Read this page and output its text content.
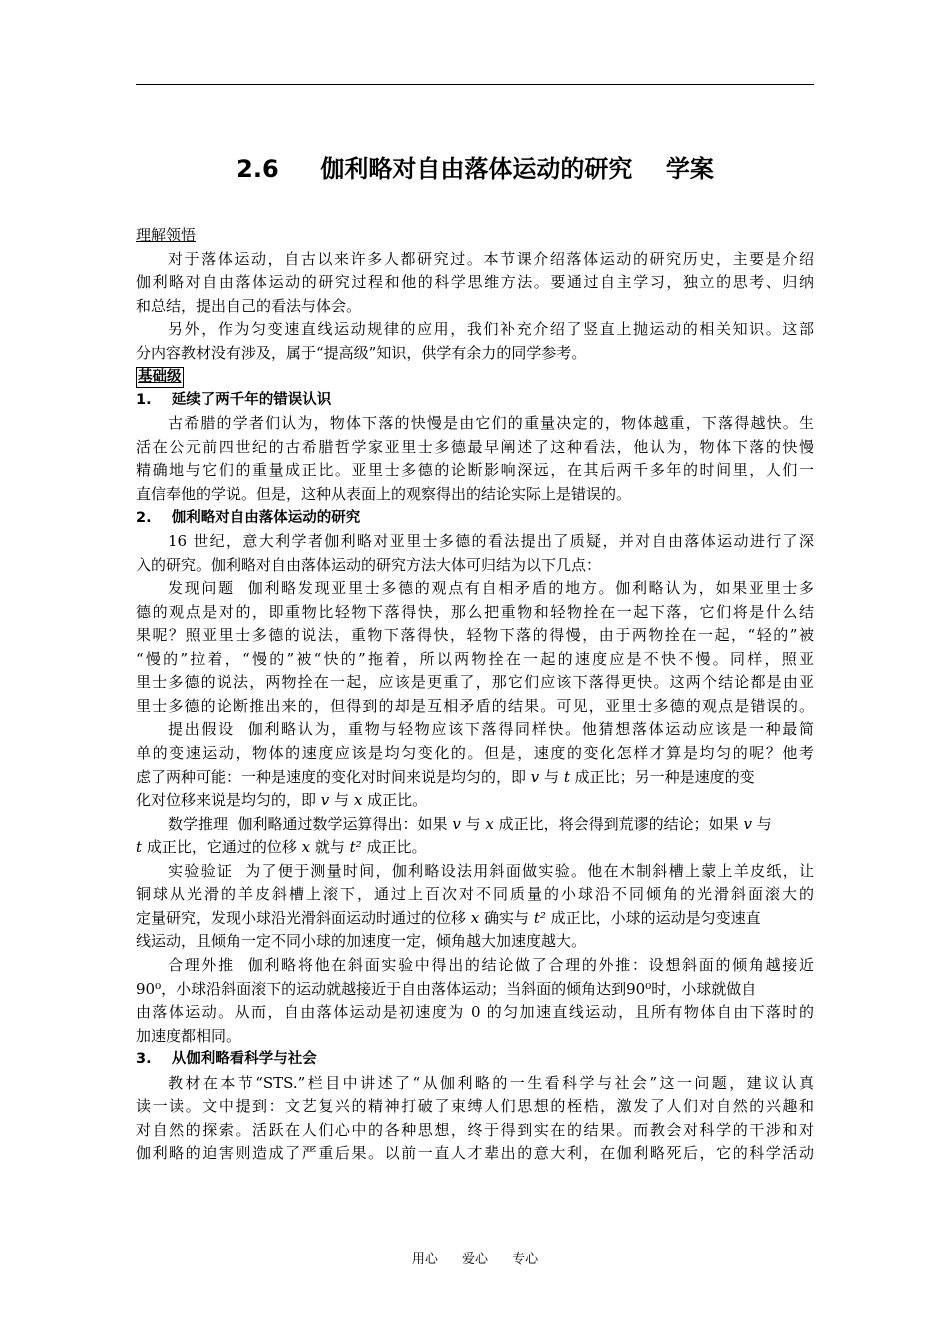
2.6     伽利略对自由落体运动的研究    学案
理解领悟
对于落体运动，自古以来许多人都研究过。本节课介绍落体运动的研究历史，主要是介绍
伽利略对自由落体运动的研究过程和他的科学思维方法。要通过自主学习，独立的思考、归纳
和总结，提出自己的看法与体会。
另外，作为匀变速直线运动规律的应用，我们补充介绍了竖直上抛运动的相关知识。这部
分内容教材没有涉及，属于“提高级”知识，供学有余力的同学参考。
基础级
1.    延续了两千年的错误认识
古希腊的学者们认为，物体下落的快慢是由它们的重量决定的，物体越重，下落得越快。生
活在公元前四世纪的古希腊哲学家亚里士多德最早阐述了这种看法，他认为，物体下落的快慢
精确地与它们的重量成正比。亚里士多德的论断影响深远，在其后两千多年的时间里，人们一
直信奉他的学说。但是，这种从表面上的观察得出的结论实际上是错误的。
2.    伽利略对自由落体运动的研究
16 世纪，意大利学者伽利略对亚里士多德的看法提出了质疑，并对自由落体运动进行了深
入的研究。伽利略对自由落体运动的研究方法大体可归结为以下几点：
发现问题  伽利略发现亚里士多德的观点有自相矛盾的地方。伽利略认为，如果亚里士多
德的观点是对的，即重物比轻物下落得快，那么把重物和轻物拴在一起下落，它们将是什么结
果呢？照亚里士多德的说法，重物下落得快，轻物下落的得慢，由于两物拴在一起，“轻的”被
“慢的”拉着，“慢的”被“快的”拖着，所以两物拴在一起的速度应是不快不慢。同样，照亚
里士多德的说法，两物拴在一起，应该是更重了，那它们应该下落得更快。这两个结论都是由亚
里士多德的论断推出来的，但得到的却是互相矛盾的结果。可见，亚里士多德的观点是错误的。
提出假设  伽利略认为，重物与轻物应该下落得同样快。他猜想落体运动应该是一种最简
单的变速运动，物体的速度应该是均匀变化的。但是，速度的变化怎样才算是均匀的呢？他考
虑了两种可能：一种是速度的变化对时间来说是均匀的，即 v 与 t 成正比；另一种是速度的变
化对位移来说是均匀的，即 v 与 x 成正比。
数学推理  伽利略通过数学运算得出：如果 v 与 x 成正比，将会得到荒谬的结论；如果 v 与
t 成正比，它通过的位移 x 就与 t² 成正比。
实验验证  为了便于测量时间，伽利略设法用斜面做实验。他在木制斜槽上蒙上羊皮纸，让
铜球从光滑的羊皮斜槽上滚下，通过上百次对不同质量的小球沿不同倾角的光滑斜面滚大的
定量研究，发现小球沿光滑斜面运动时通过的位移 x 确实与 t² 成正比，小球的运动是匀变速直
线运动，且倾角一定不同小球的加速度一定，倾角越大加速度越大。
合理外推  伽利略将他在斜面实验中得出的结论做了合理的外推：设想斜面的倾角越接近
90⁰，小球沿斜面滚下的运动就越接近于自由落体运动；当斜面的倾角达到90⁰时，小球就做自
由落体运动。从而，自由落体运动是初速度为 0 的匀加速直线运动，且所有物体自由下落时的
加速度都相同。
3.    从伽利略看科学与社会
教材在本节“STS.”栏目中讲述了“从伽利略的一生看科学与社会”这一问题，建议认真
读一读。文中提到：文艺复兴的精神打破了束缚人们思想的桎梏，激发了人们对自然的兴趣和
对自然的探索。活跃在人们心中的各种思想，终于得到实在的结果。而教会对科学的干涉和对
伽利略的迫害则造成了严重后果。以前一直人才辈出的意大利，在伽利略死后，它的科学活动
用心 爱心 专心
